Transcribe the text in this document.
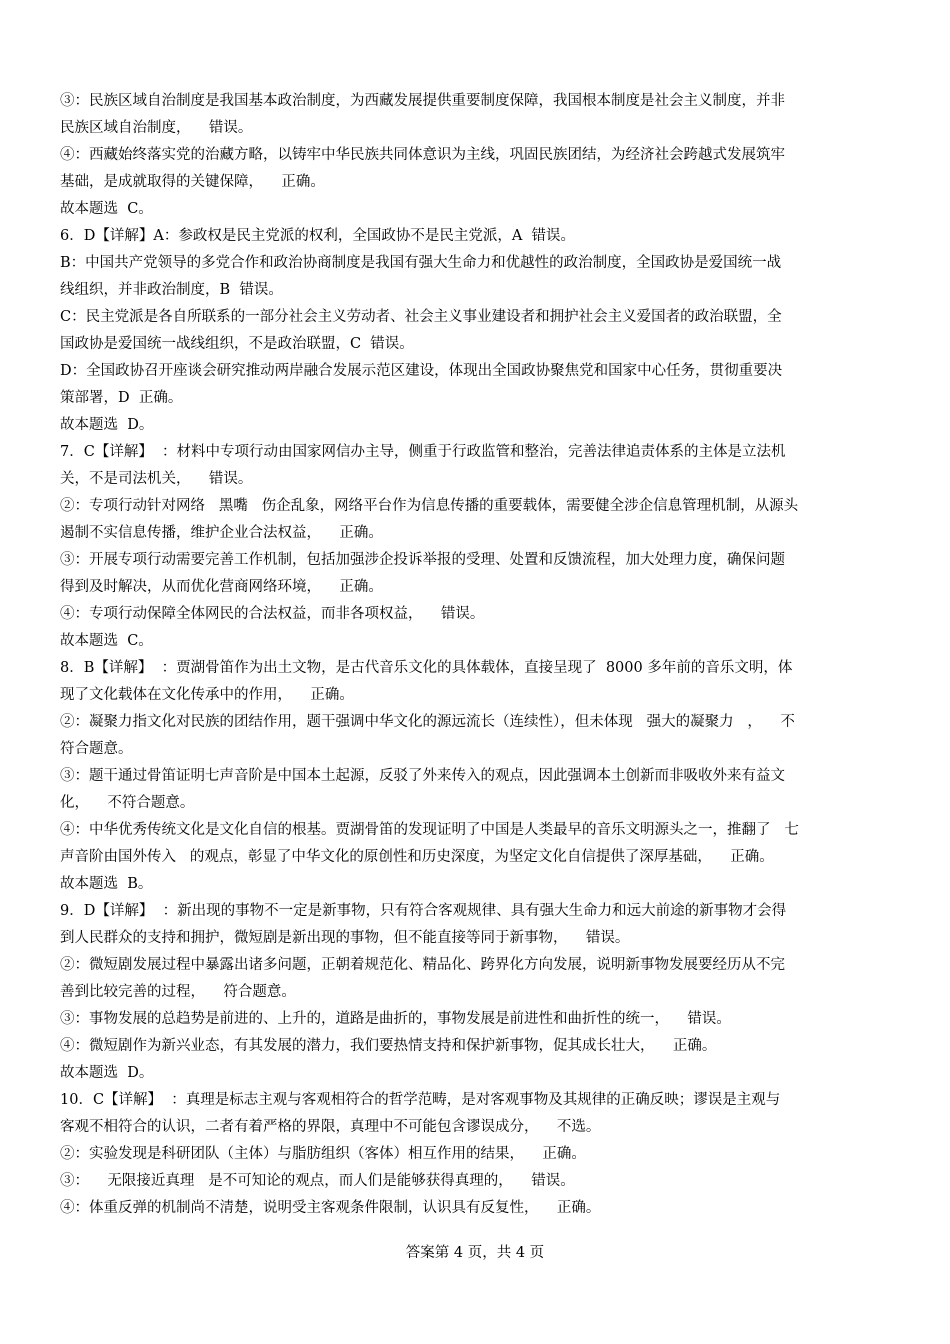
③：民族区域自治制度是我国基本政治制度，为西藏发展提供重要制度保障，我国根本制度是社会主义制度，并非
民族区域自治制度，    错误。
④：西藏始终落实党的治藏方略，以铸牢中华民族共同体意识为主线，巩固民族团结，为经济社会跨越式发展筑牢
基础，是成就取得的关键保障，    正确。
故本题选  C。
6．D【详解】A：参政权是民主党派的权利，全国政协不是民主党派，A  错误。
B：中国共产党领导的多党合作和政治协商制度是我国有强大生命力和优越性的政治制度，全国政协是爱国统一战
线组织，并非政治制度，B  错误。
C：民主党派是各自所联系的一部分社会主义劳动者、社会主义事业建设者和拥护社会主义爱国者的政治联盟，全
国政协是爱国统一战线组织，不是政治联盟，C  错误。
D：全国政协召开座谈会研究推动两岸融合发展示范区建设，体现出全国政协聚焦党和国家中心任务，贯彻重要决
策部署，D  正确。
故本题选  D。
7．C【详解】  ：材料中专项行动由国家网信办主导，侧重于行政监管和整治，完善法律追责体系的主体是立法机
关，不是司法机关，    错误。
②：专项行动针对网络   黑嘴   伤企乱象，网络平台作为信息传播的重要载体，需要健全涉企信息管理机制，从源头
遏制不实信息传播，维护企业合法权益，    正确。
③：开展专项行动需要完善工作机制，包括加强涉企投诉举报的受理、处置和反馈流程，加大处理力度，确保问题
得到及时解决，从而优化营商网络环境，    正确。
④：专项行动保障全体网民的合法权益，而非各项权益，    错误。
故本题选  C。
8．B【详解】  ：贾湖骨笛作为出土文物，是古代音乐文化的具体载体，直接呈现了  8000 多年前的音乐文明，体
现了文化载体在文化传承中的作用，    正确。
②：凝聚力指文化对民族的团结作用，题干强调中华文化的源远流长（连续性），但未体现   强大的凝聚力   ，    不
符合题意。
③：题干通过骨笛证明七声音阶是中国本土起源，反驳了外来传入的观点，因此强调本土创新而非吸收外来有益文
化，    不符合题意。
④：中华优秀传统文化是文化自信的根基。贾湖骨笛的发现证明了中国是人类最早的音乐文明源头之一，推翻了   七
声音阶由国外传入   的观点，彰显了中华文化的原创性和历史深度，为坚定文化自信提供了深厚基础，    正确。
故本题选  B。
9．D【详解】  ：新出现的事物不一定是新事物，只有符合客观规律、具有强大生命力和远大前途的新事物才会得
到人民群众的支持和拥护，微短剧是新出现的事物，但不能直接等同于新事物，    错误。
②：微短剧发展过程中暴露出诸多问题，正朝着规范化、精品化、跨界化方向发展，说明新事物发展要经历从不完
善到比较完善的过程，    符合题意。
③：事物发展的总趋势是前进的、上升的，道路是曲折的，事物发展是前进性和曲折性的统一，    错误。
④：微短剧作为新兴业态，有其发展的潜力，我们要热情支持和保护新事物，促其成长壮大，    正确。
故本题选  D。
10．C【详解】  ：真理是标志主观与客观相符合的哲学范畴，是对客观事物及其规律的正确反映；谬误是主观与
客观不相符合的认识，二者有着严格的界限，真理中不可能包含谬误成分，    不选。
②：实验发现是科研团队（主体）与脂肪组织（客体）相互作用的结果，    正确。
③：    无限接近真理   是不可知论的观点，而人们是能够获得真理的，    错误。
④：体重反弹的机制尚不清楚，说明受主客观条件限制，认识具有反复性，    正确。
答案第 4 页，共 4 页
